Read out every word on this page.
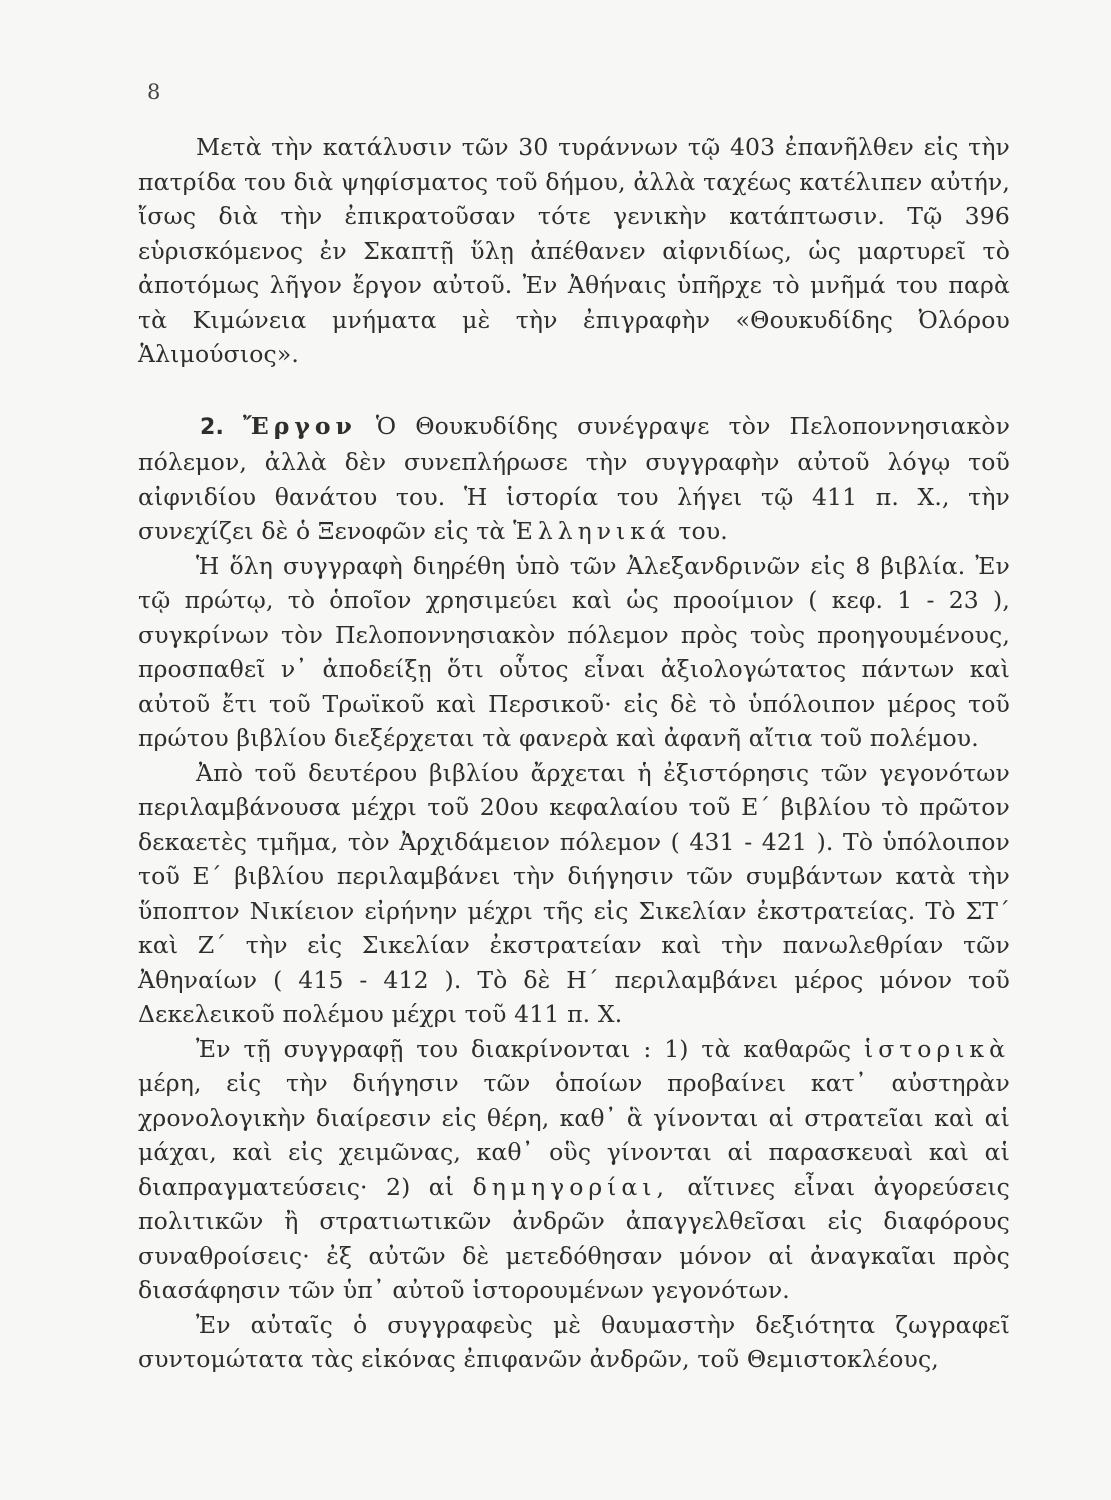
8

Μετὰ τὴν κατάλυσιν τῶν 30 τυράννων τῷ 403 ἐπανῆλθεν εἰς τὴν πατρίδα του διὰ ψηφίσματος τοῦ δήμου, ἀλλὰ ταχέως κατέλιπεν αὐτήν, ἴσως διὰ τὴν ἐπικρατοῦσαν τότε γενικὴν κατάπτωσιν. Τῷ 396 εὑρισκόμενος ἐν Σκαπτῇ ὕλῃ ἀπέθανεν αἰφνιδίως, ὡς μαρτυρεῖ τὸ ἀποτόμως λῆγον ἔργον αὐτοῦ. Ἐν Ἀθήναις ὑπῆρχε τὸ μνῆμά του παρὰ τὰ Κιμώνεια μνήματα μὲ τὴν ἐπιγραφὴν «Θουκυδίδης Ὀλόρου Ἁλιμούσιος».

2. Ἔργον Ὁ Θουκυδίδης συνέγραψε τὸν Πελοποννησιακὸν πόλεμον, ἀλλὰ δὲν συνεπλήρωσε τὴν συγγραφὴν αὐτοῦ λόγῳ τοῦ αἰφνιδίου θανάτου του. Ἡ ἱστορία του λήγει τῷ 411 π. Χ., τὴν συνεχίζει δὲ ὁ Ξενοφῶν εἰς τὰ Ἑλληνικά του.

Ἡ ὅλη συγγραφὴ διηρέθη ὑπὸ τῶν Ἀλεξανδρινῶν εἰς 8 βιβλία. Ἐν τῷ πρώτῳ, τὸ ὁποῖον χρησιμεύει καὶ ὡς προοίμιον ( κεφ. 1 - 23 ), συγκρίνων τὸν Πελοποννησιακὸν πόλεμον πρὸς τοὺς προηγουμένους, προσπαθεῖ ν᾽ ἀποδείξῃ ὅτι οὗτος εἶναι ἀξιολογώτατος πάντων καὶ αὐτοῦ ἔτι τοῦ Τρωϊκοῦ καὶ Περσικοῦ· εἰς δὲ τὸ ὑπόλοιπον μέρος τοῦ πρώτου βιβλίου διεξέρχεται τὰ φανερὰ καὶ ἀφανῆ αἴτια τοῦ πολέμου.

Ἀπὸ τοῦ δευτέρου βιβλίου ἄρχεται ἡ ἐξιστόρησις τῶν γεγονότων περιλαμβάνουσα μέχρι τοῦ 20ου κεφαλαίου τοῦ Ε΄ βιβλίου τὸ πρῶτον δεκαετὲς τμῆμα, τὸν Ἀρχιδάμειον πόλεμον ( 431 - 421 ). Τὸ ὑπόλοιπον τοῦ Ε΄ βιβλίου περιλαμβάνει τὴν διήγησιν τῶν συμβάντων κατὰ τὴν ὕποπτον Νικίειον εἰρήνην μέχρι τῆς εἰς Σικελίαν ἐκστρατείας. Τὸ ΣΤ΄ καὶ Ζ΄ τὴν εἰς Σικελίαν ἐκστρατείαν καὶ τὴν πανωλεθρίαν τῶν Ἀθηναίων ( 415 - 412 ). Τὸ δὲ Η΄ περιλαμβάνει μέρος μόνον τοῦ Δεκελεικοῦ πολέμου μέχρι τοῦ 411 π. Χ.

Ἐν τῇ συγγραφῇ του διακρίνονται : 1) τὰ καθαρῶς ἱστορικὰ μέρη, εἰς τὴν διήγησιν τῶν ὁποίων προβαίνει κατ᾽ αὐστηρὰν χρονολογικὴν διαίρεσιν εἰς θέρη, καθ᾽ ἃ γίνονται αἱ στρατεῖαι καὶ αἱ μάχαι, καὶ εἰς χειμῶνας, καθ᾽ οὓς γίνονται αἱ παρασκευαὶ καὶ αἱ διαπραγματεύσεις· 2) αἱ δημηγορίαι, αἵτινες εἶναι ἀγορεύσεις πολιτικῶν ἢ στρατιωτικῶν ἀνδρῶν ἀπαγγελθεῖσαι εἰς διαφόρους συναθροίσεις· ἐξ αὐτῶν δὲ μετεδόθησαν μόνον αἱ ἀναγκαῖαι πρὸς διασάφησιν τῶν ὑπ᾽ αὐτοῦ ἱστορουμένων γεγονότων.

Ἐν αὐταῖς ὁ συγγραφεὺς μὲ θαυμαστὴν δεξιότητα ζωγραφεῖ συντομώτατα τὰς εἰκόνας ἐπιφανῶν ἀνδρῶν, τοῦ Θεμιστοκλέους,
